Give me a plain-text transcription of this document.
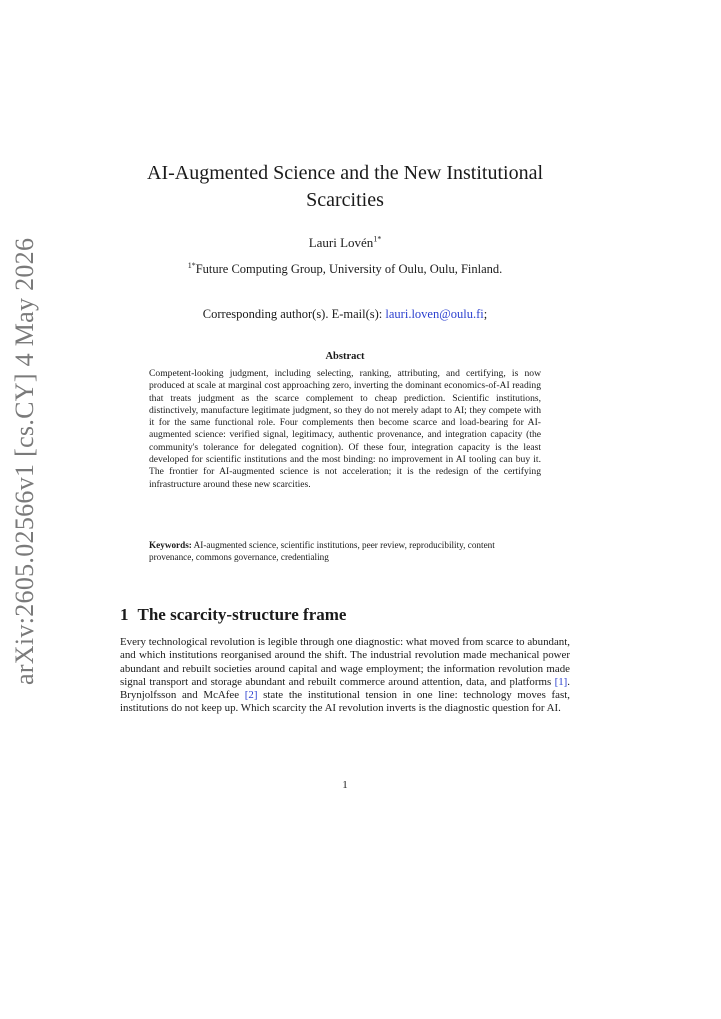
arXiv:2605.02566v1 [cs.CY] 4 May 2026
AI-Augmented Science and the New Institutional Scarcities
Lauri Lovén$^{1*}$
$^{1*}$Future Computing Group, University of Oulu, Oulu, Finland.
Corresponding author(s). E-mail(s): lauri.loven@oulu.fi;
Abstract
Competent-looking judgment, including selecting, ranking, attributing, and certifying, is now produced at scale at marginal cost approaching zero, inverting the dominant economics-of-AI reading that treats judgment as the scarce complement to cheap prediction. Scientific institutions, distinctively, manufacture legitimate judgment, so they do not merely adapt to AI; they compete with it for the same functional role. Four complements then become scarce and load-bearing for AI-augmented science: verified signal, legitimacy, authentic provenance, and integration capacity (the community's tolerance for delegated cognition). Of these four, integration capacity is the least developed for scientific institutions and the most binding: no improvement in AI tooling can buy it. The frontier for AI-augmented science is not acceleration; it is the redesign of the certifying infrastructure around these new scarcities.
Keywords: AI-augmented science, scientific institutions, peer review, reproducibility, content provenance, commons governance, credentialing
1 The scarcity-structure frame
Every technological revolution is legible through one diagnostic: what moved from scarce to abundant, and which institutions reorganised around the shift. The industrial revolution made mechanical power abundant and rebuilt societies around capital and wage employment; the information revolution made signal transport and storage abundant and rebuilt commerce around attention, data, and platforms [1]. Brynjolfsson and McAfee [2] state the institutional tension in one line: technology moves fast, institutions do not keep up. Which scarcity the AI revolution inverts is the diagnostic question for AI.
1
